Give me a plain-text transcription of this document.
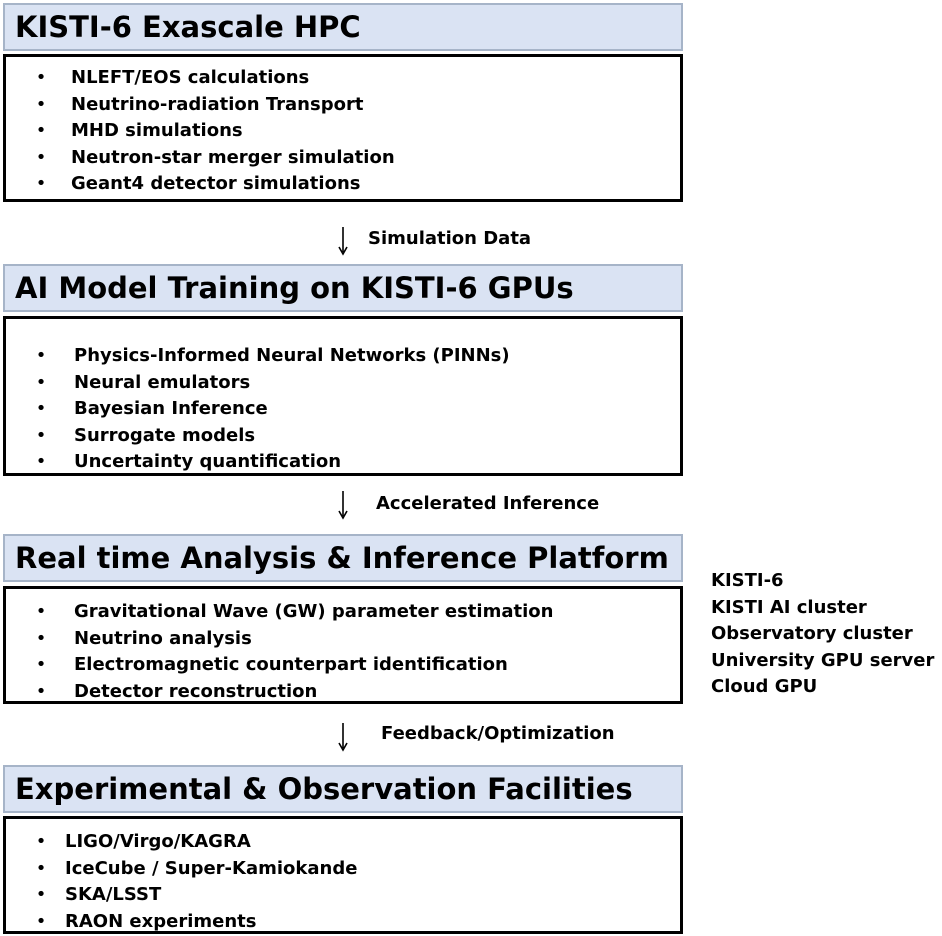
KISTI-6 Exascale HPC
• NLEFT/EOS calculations
• Neutrino-radiation Transport
• MHD simulations
• Neutron-star merger simulation
• Geant4 detector simulations
Simulation Data
AI Model Training on KISTI-6 GPUs
• Physics-Informed Neural Networks (PINNs)
• Neural emulators
• Bayesian Inference
• Surrogate models
• Uncertainty quantification
Accelerated Inference
Real time Analysis & Inference Platform
• Gravitational Wave (GW) parameter estimation
• Neutrino analysis
• Electromagnetic counterpart identification
• Detector reconstruction
KISTI-6
KISTI AI cluster
Observatory cluster
University GPU server
Cloud GPU
Feedback/Optimization
Experimental & Observation Facilities
• LIGO/Virgo/KAGRA
• IceCube / Super-Kamiokande
• SKA/LSST
• RAON experiments
